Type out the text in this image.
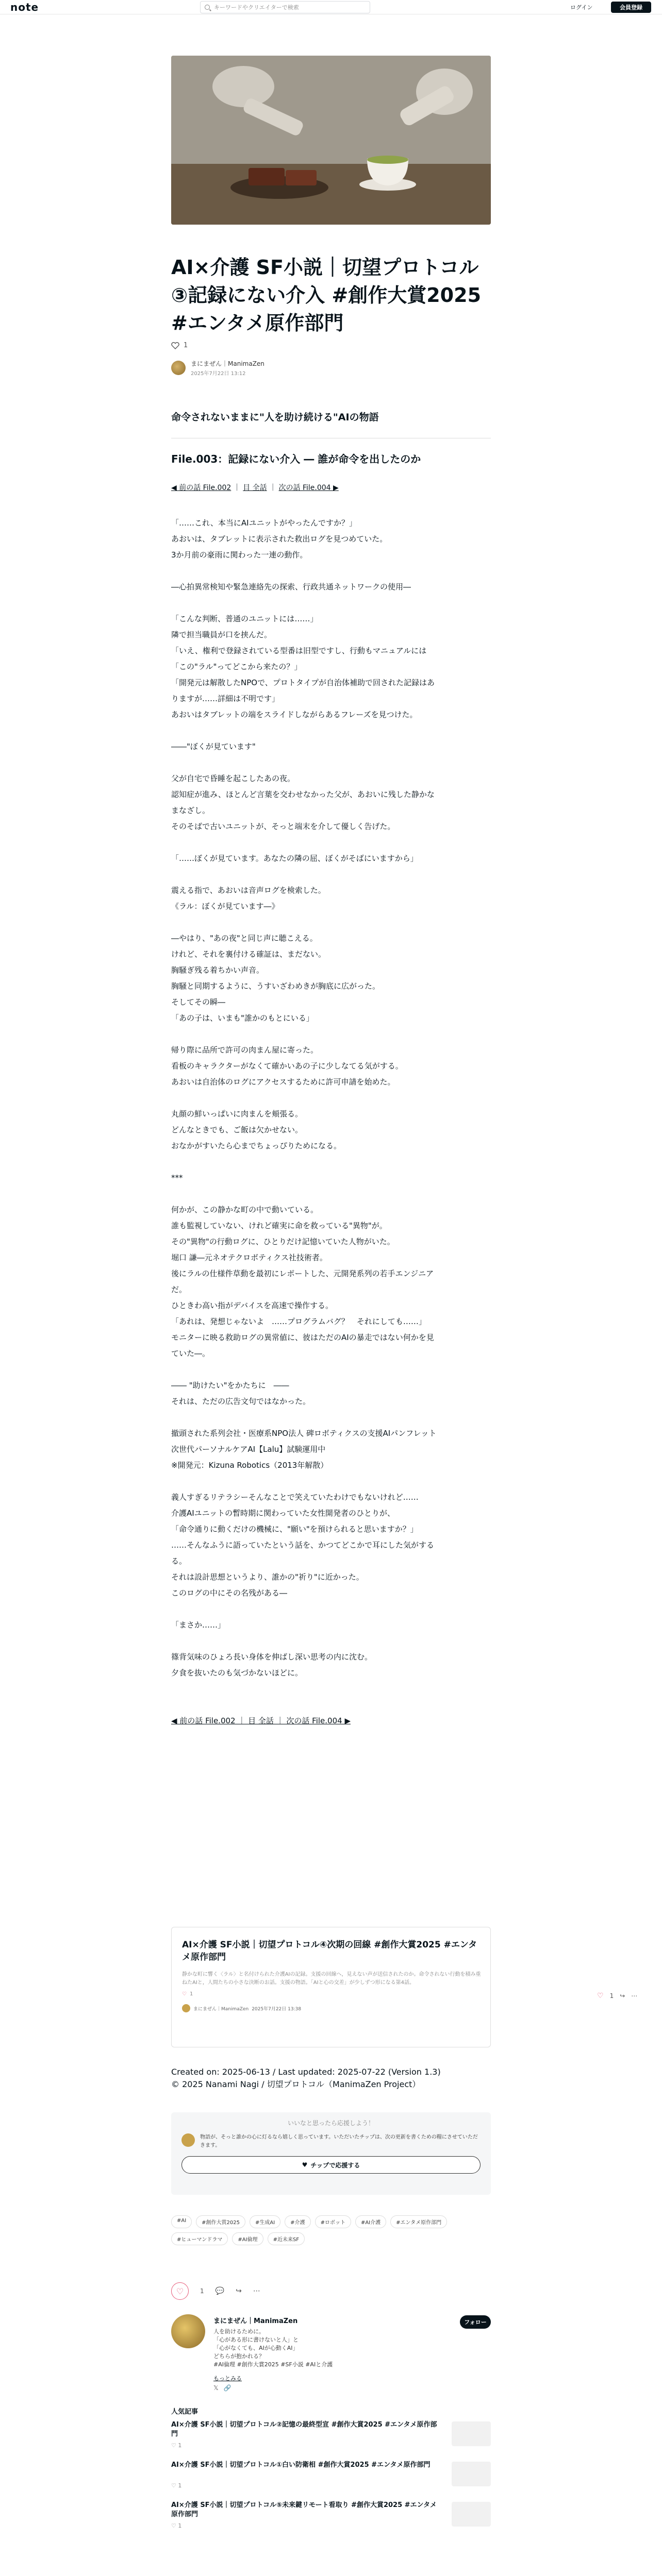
note	キーワードやクリエイターで検索	ログイン	会員登録
AI×介護 SF小説｜切望プロトコル③記録にない介入 #創作大賞2025 #エンタメ原作部門
1
まにまぜん｜ManimaZen
2025年7月22日 13:12
命令されないままに"人を助け続ける"AIの物語
File.003：記録にない介入 ― 誰が命令を出したのか
◀ 前の話 File.002 ｜ 目 全話 ｜ 次の話 File.004 ▶

「……これ、本当にAIユニットがやったんですか？」

あおいは、タブレットに表示された救出ログを見つめていた。

3か月前の豪雨に関わった一連の動作。

―心拍異常検知や緊急連絡先の探索、行政共通ネットワークの使用―

「こんな判断、普通のユニットには……」

隣で担当職員が口を挟んだ。

「いえ、権利で登録されている型番は旧型ですし、行動もマニュアルには

「この"ラル"ってどこから来たの？」

「開発元は解散したNPOで、プロトタイプが自治体補助で回された記録はあ

りますが……詳細は不明です」

あおいはタブレットの端をスライドしながらあるフレーズを見つけた。

――"ぼくが見ています"

父が自宅で昏睡を起こしたあの夜。

認知症が進み、ほとんど言葉を交わせなかった父が、あおいに残した静かな

まなざし。

そのそばで古いユニットが、そっと端末を介して優しく告げた。

「……ぼくが見ています。あなたの隣の屈、ぼくがそばにいますから」

震える指で、あおいは音声ログを検索した。

《ラル：ぼくが見ています―》

―やはり、"あの夜"と同じ声に聴こえる。

けれど、それを裏付ける確証は、まだない。

胸騒ぎ残る着ちかい声音。

胸騒と同期するように、うすいざわめきが胸底に広がった。

そしてその瞬―

「あの子は、いまも"誰かのもとにいる」

帰り際に品所で許可の肉まん屋に寄った。

看板のキャラクターがなくて確かいあの子に少しなてる気がする。

あおいは自治体のログにアクセスするために許可申請を始めた。

丸顔の鮮いっぱいに肉まんを頬張る。

どんなときでも、ご飯は欠かせない。

おなかがすいたら心までちょっぴりためになる。

***

何かが、この静かな町の中で動いている。

誰も監視していない、けれど確実に命を救っている"異物"が。

その"異物"の行動ログに、ひとりだけ記憶いていた人物がいた。

堀口 謙―元ネオテクロボティクス社技術者。

後にラルの仕様件草動を最初にレポートした、元開発系列の若手エンジニア

だ。

ひときわ高い指がデバイスを高速で操作する。

「あれは、発想じゃないよ　……プログラムバグ？　それにしても……」

モニターに映る救助ログの異常値に、彼はただのAIの暴走ではない何かを見

ていた―。

―― "助けたい"をかたちに　――

それは、ただの広告文句ではなかった。

撤頭された系列会社・医療系NPO法人 碑ロボティクスの支援AIパンフレット

次世代パーソナルケアAI【Lalu】試験運用中

※開発元：Kizuna Robotics（2013年解散）

義人すぎるリテラシーそんなことで笑えていたわけでもないけれど……

介護AIユニットの暫時期に関わっていた女性開発者のひとりが、

「命令通りに動くだけの機械に、"願い"を預けられると思いますか？」

……そんなふうに語っていたという話を、かつてどこかで耳にした気がする

る。

それは設計思想というより、誰かの"祈り"に近かった。

このログの中にその名残がある―

「まさか……」

篠背気味のひょろ長い身体を伸ばし深い思考の内に沈む。

夕食を抜いたのも気づかないほどに。

◀ 前の話 File.002 ｜ 目 全話 ｜ 次の話 File.004 ▶

AI×介護 SF小説｜切望プロトコル④次期の回線 #創作大賞2025 #エンタメ原作部門
静かな町に響く〈ラル〉と名付けられた介護AIの記録。支援の回線へ，見えない声が送信されたのか。命令されない行動を積み重ねたAIと，人間たちの小さな決断のお話。支援の物語。「AIと心の交差」が少しずつ形になる第4話。
♡ 1
まにまぜん｜ManimaZen 2025年7月22日 13:38
Created on: 2025-06-13 / Last updated: 2025-07-22 (Version 1.3)
© 2025 Nanami Nagi / 切望プロトコル（ManimaZen Project）
いいなと思ったら応援しよう！
物語が、そっと誰かの心に灯るなら嬉しく思っています。いただいたチップは、次の更新を書くための糧にさせていただきます。
♥ チップで応援する
#AI	#創作大賞2025	#生成AI	#介護	#ロボット	#AI介護	#エンタメ原作部門
#ヒューマンドラマ	#AI倫理	#近未来SF
♡	1 💬 ↪ ⋯
まにまぜん｜ManimaZen
人を助けるために。
「心がある形に書けないと人」と
「心がなくても、AIが心動くAI」
どちらが抱かれる？
#AI倫理 #創作大賞2025 #SF小説 #AIと介護
もっとみる
フォロー
𝕏 🔗
人気記事
AI×介護 SF小説｜切望プロトコル②記憶の最終型宣 #創作大賞2025 #エンタメ原作部門
♡ 1
AI×介護 SF小説｜切望プロトコル①白い防衛相 #創作大賞2025 #エンタメ原作部門
♡ 1
AI×介護 SF小説｜切望プロトコル⑤未来鍵リモート看取り #創作大賞2025 #エンタメ原作部門
♡ 1
♡ 1 ↪ ⋯
